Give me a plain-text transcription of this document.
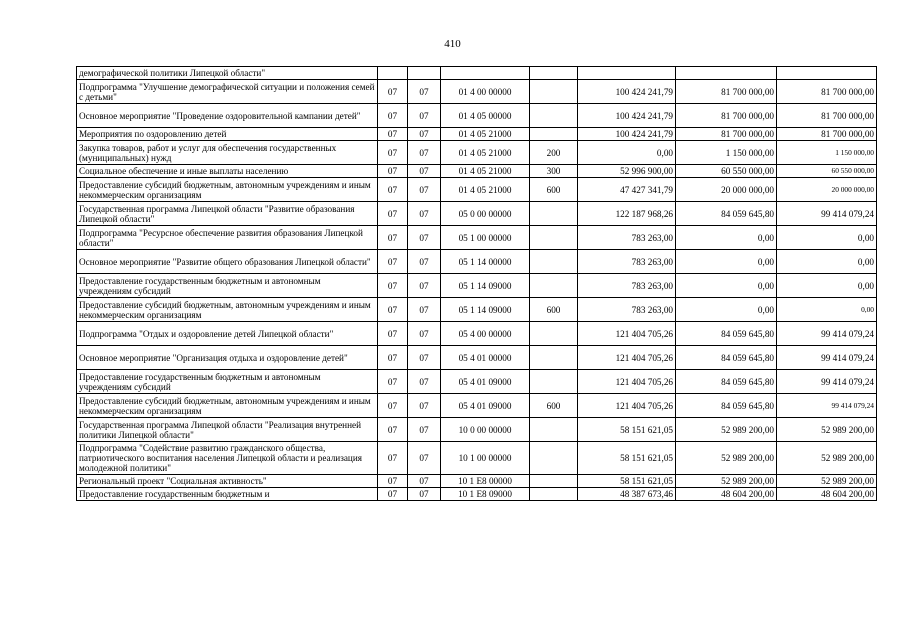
410
демографической политики Липецкой области"							
Подпрограмма "Улучшение демографической ситуации и положения семей с детьми"	07	07	01 4 00 00000		100 424 241,79	81 700 000,00	81 700 000,00
Основное мероприятие "Проведение оздоровительной кампании детей"	07	07	01 4 05 00000		100 424 241,79	81 700 000,00	81 700 000,00
Мероприятия по оздоровлению детей	07	07	01 4 05 21000		100 424 241,79	81 700 000,00	81 700 000,00
Закупка товаров, работ и услуг для обеспечения государственных (муниципальных) нужд	07	07	01 4 05 21000	200	0,00	1 150 000,00	1 150 000,00
Социальное обеспечение и иные выплаты населению	07	07	01 4 05 21000	300	52 996 900,00	60 550 000,00	60 550 000,00
Предоставление субсидий бюджетным, автономным учреждениям и иным некоммерческим организациям	07	07	01 4 05 21000	600	47 427 341,79	20 000 000,00	20 000 000,00
Государственная программа Липецкой области "Развитие образования Липецкой области"	07	07	05 0 00 00000		122 187 968,26	84 059 645,80	99 414 079,24
Подпрограмма "Ресурсное обеспечение развития образования Липецкой области"	07	07	05 1 00 00000		783 263,00	0,00	0,00
Основное мероприятие "Развитие общего образования Липецкой области"	07	07	05 1 14 00000		783 263,00	0,00	0,00
Предоставление государственным бюджетным и автономным учреждениям субсидий	07	07	05 1 14 09000		783 263,00	0,00	0,00
Предоставление субсидий бюджетным, автономным учреждениям и иным некоммерческим организациям	07	07	05 1 14 09000	600	783 263,00	0,00	0,00
Подпрограмма "Отдых и оздоровление детей Липецкой области"	07	07	05 4 00 00000		121 404 705,26	84 059 645,80	99 414 079,24
Основное мероприятие "Организация отдыха и оздоровление детей"	07	07	05 4 01 00000		121 404 705,26	84 059 645,80	99 414 079,24
Предоставление государственным бюджетным и автономным учреждениям субсидий	07	07	05 4 01 09000		121 404 705,26	84 059 645,80	99 414 079,24
Предоставление субсидий бюджетным, автономным учреждениям и иным некоммерческим организациям	07	07	05 4 01 09000	600	121 404 705,26	84 059 645,80	99 414 079,24
Государственная программа Липецкой области "Реализация внутренней политики Липецкой области"	07	07	10 0 00 00000		58 151 621,05	52 989 200,00	52 989 200,00
Подпрограмма "Содействие развитию гражданского общества, патриотического воспитания населения Липецкой области и реализация молодежной политики"	07	07	10 1 00 00000		58 151 621,05	52 989 200,00	52 989 200,00
Региональный проект "Социальная активность"	07	07	10 1 E8 00000		58 151 621,05	52 989 200,00	52 989 200,00
Предоставление государственным бюджетным и	07	07	10 1 E8 09000		48 387 673,46	48 604 200,00	48 604 200,00
